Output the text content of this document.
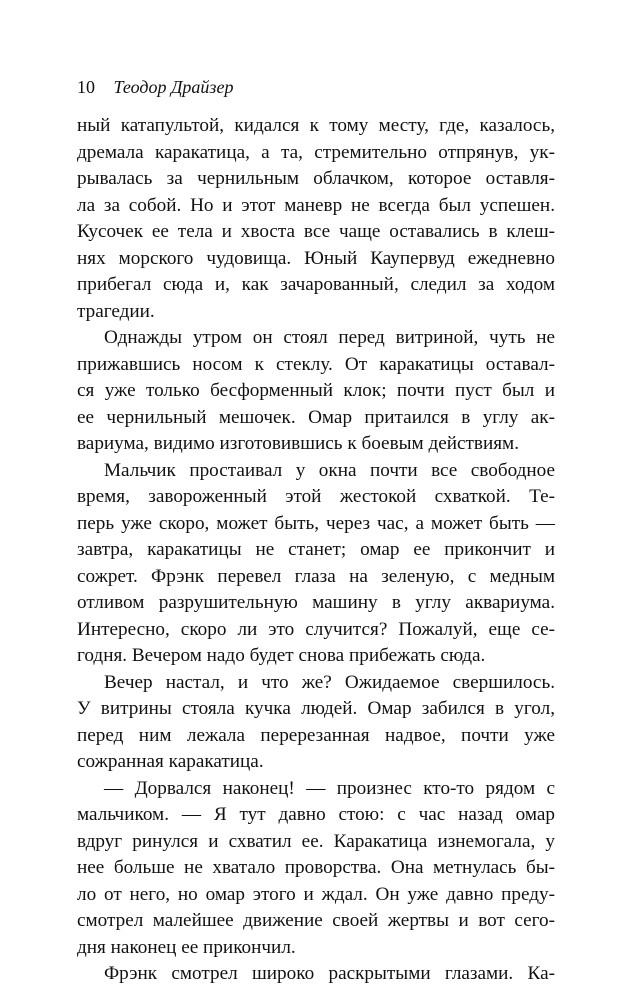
10 Теодор Драйзер
ный катапультой, кидался к тому месту, где, казалось,
дремала каракатица, а та, стремительно отпрянув, ук-
рывалась за чернильным облачком, которое оставля-
ла за собой. Но и этот маневр не всегда был успешен.
Кусочек ее тела и хвоста все чаще оставались в клеш-
нях морского чудовища. Юный Каупервуд ежедневно
прибегал сюда и, как зачарованный, следил за ходом
трагедии.
Однажды утром он стоял перед витриной, чуть не
прижавшись носом к стеклу. От каракатицы оставал-
ся уже только бесформенный клок; почти пуст был и
ее чернильный мешочек. Омар притаился в углу ак-
вариума, видимо изготовившись к боевым действиям.
Мальчик простаивал у окна почти все свободное
время, завороженный этой жестокой схваткой. Те-
перь уже скоро, может быть, через час, а может быть —
завтра, каракатицы не станет; омар ее прикончит и
сожрет. Фрэнк перевел глаза на зеленую, с медным
отливом разрушительную машину в углу аквариума.
Интересно, скоро ли это случится? Пожалуй, еще се-
годня. Вечером надо будет снова прибежать сюда.
Вечер настал, и что же? Ожидаемое свершилось.
У витрины стояла кучка людей. Омар забился в угол,
перед ним лежала перерезанная надвое, почти уже
сожранная каракатица.
— Дорвался наконец! — произнес кто-то рядом с
мальчиком. — Я тут давно стою: с час назад омар
вдруг ринулся и схватил ее. Каракатица изнемогала, у
нее больше не хватало проворства. Она метнулась бы-
ло от него, но омар этого и ждал. Он уже давно преду-
смотрел малейшее движение своей жертвы и вот сего-
дня наконец ее прикончил.
Фрэнк смотрел широко раскрытыми глазами. Ка-
